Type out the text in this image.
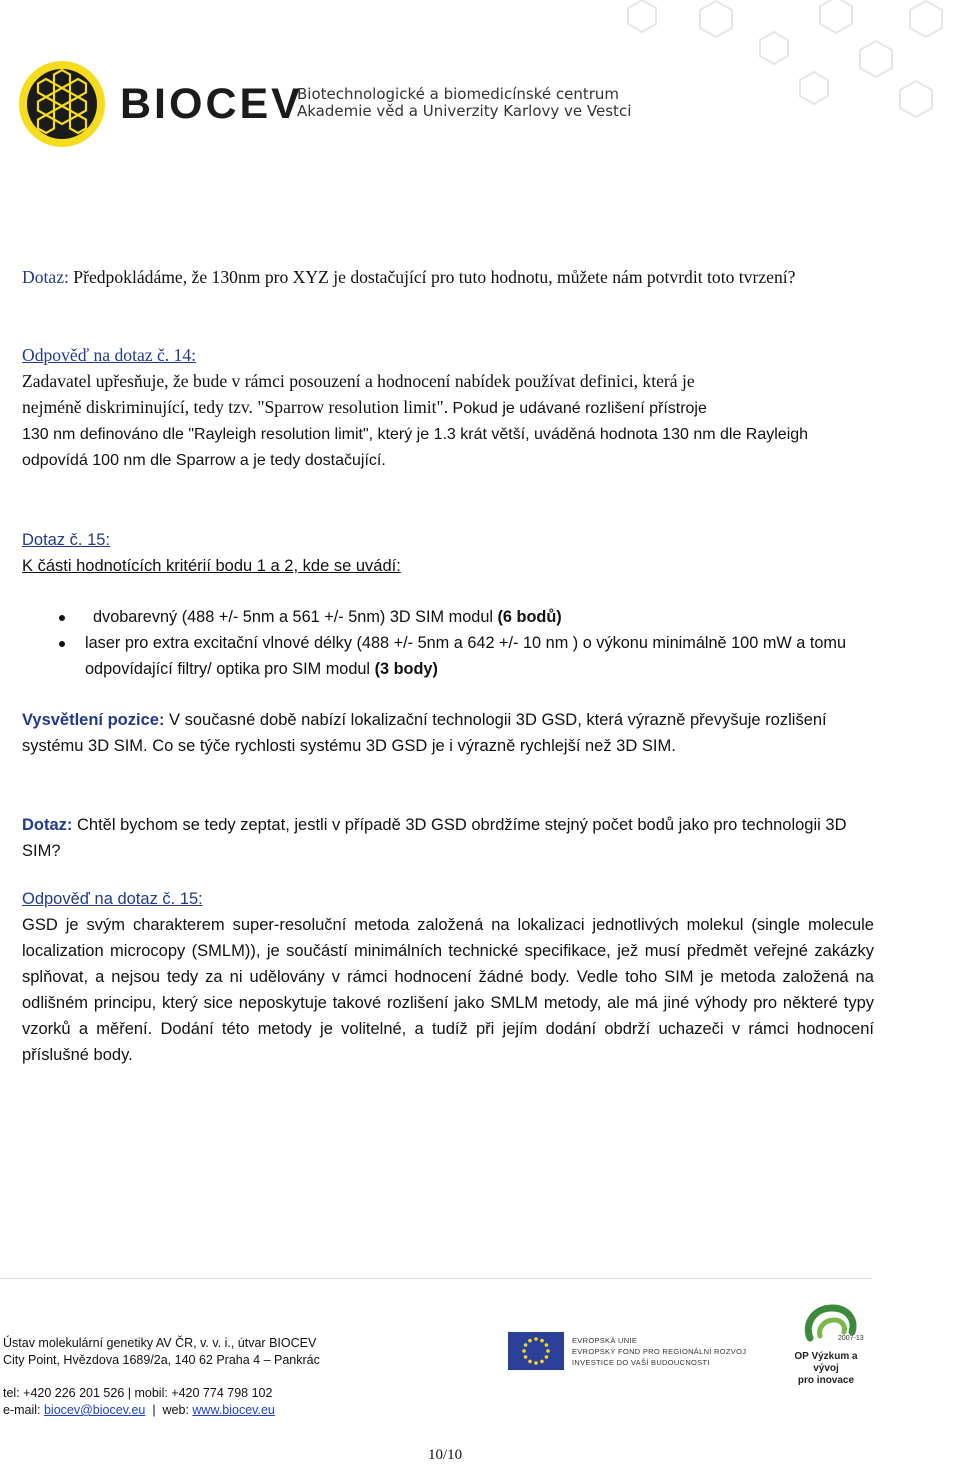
BIOCEV
Biotechnologické a biomedicínské centrum
Akademie věd a Univerzity Karlovy ve Vestci

Dotaz: Předpokládáme, že 130nm pro XYZ je dostačující pro tuto hodnotu, můžete nám potvrdit toto tvrzení?

Odpověď na dotaz č. 14:

Zadavatel upřesňuje, že bude v rámci posouzení a hodnocení nabídek používat definici, která je
nejméně diskriminující, tedy tzv. "Sparrow resolution limit". Pokud je udávané rozlišení přístroje
130 nm definováno dle "Rayleigh resolution limit", který je 1.3 krát větší, uváděná hodnota 130 nm dle Rayleigh odpovídá 100 nm dle Sparrow a je tedy dostačující.

Dotaz č. 15:

K části hodnotících kritérií bodu 1 a 2, kde se uvádí:

dvobarevný (488 +/- 5nm a 561 +/- 5nm) 3D SIM modul (6 bodů)
laser pro extra excitační vlnové délky (488 +/- 5nm a 642 +/- 10 nm ) o výkonu minimálně 100 mW a tomu odpovídající filtry/ optika pro SIM modul (3 body)

Vysvětlení pozice: V současné době nabízí lokalizační technologii 3D GSD, která výrazně převyšuje rozlišení systému 3D SIM. Co se týče rychlosti systému 3D GSD je i výrazně rychlejší než 3D SIM.

Dotaz: Chtěl bychom se tedy zeptat, jestli v případě 3D GSD obrdžíme stejný počet bodů jako pro technologii 3D SIM?

Odpověď na dotaz č. 15:

GSD je svým charakterem super-resoluční metoda založená na lokalizaci jednotlivých molekul (single molecule localization microcopy (SMLM)), je součástí minimálních technické specifikace, jež musí předmět veřejné zakázky splňovat, a nejsou tedy za ni udělovány v rámci hodnocení žádné body. Vedle toho SIM je metoda založená na odlišném principu, který sice neposkytuje takové rozlišení jako SMLM metody, ale má jiné výhody pro některé typy vzorků a měření. Dodání této metody je volitelné, a tudíž při jejím dodání obdrží uchazeči v rámci hodnocení příslušné body.

Ústav molekulární genetiky AV ČR, v. v. i., útvar BIOCEV
City Point, Hvězdova 1689/2a, 140 62 Praha 4 – Pankrác
tel: +420 226 201 526 | mobil: +420 774 798 102
e-mail: biocev@biocev.eu  |  web: www.biocev.eu
EVROPSKÁ UNIE
EVROPSKÝ FOND PRO REGIONÁLNÍ ROZVOJ
INVESTICE DO VAŠÍ BUDOUCNOSTI
2007-13
OP Výzkum a vývoj
pro inovace
10/10
